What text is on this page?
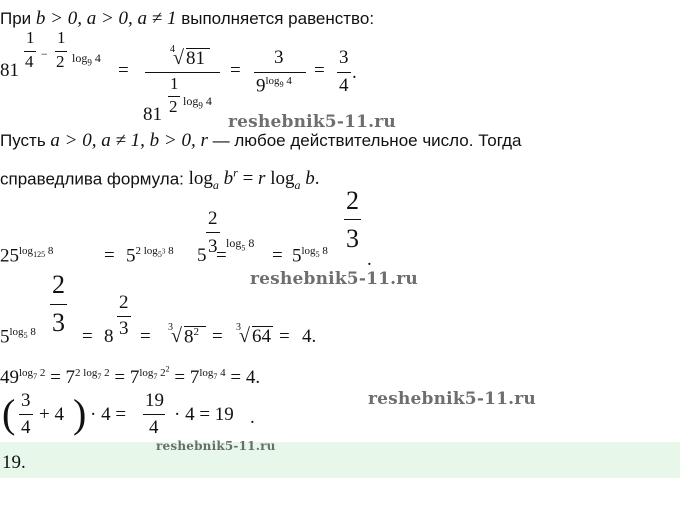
При b > 0, a > 0, a ≠ 1 выполняется равенство:
81
1
4 −
1
2 $\log_9 4$
=
4
√ 81
81
1
2 $\log_9 4$
=
3
$9^{log_9 4}$ =
3
4
.
Пусть a > 0, a ≠ 1, b > 0, r — любое действительное число. Тогда
справедлива формула: $\log_a b^r = r$ $\log_a b$.
$25^{log_{125} 8}$	= $5^{2 log_{5^3} 8}$ =
5
2
3 $\log_5 8$
= $5^{log_5 8}$
2
3
.
$5^{log_5 8}$
2
3 = 8
2
3 = 3
√ $8^2 = 3$
√ 64 = 4.
$49^{log_7 2} = 7^{2 log_7 2} = 7^{log_7 2^2} = 7^{log_7 4} = 4$.
( 3
4
+ 4 ) · 4 =
19
4
· 4 = 19 .
19.
reshebnik5-11.ru
reshebnik5-11.ru
reshebnik5-11.ru
reshebnik5-11.ru
